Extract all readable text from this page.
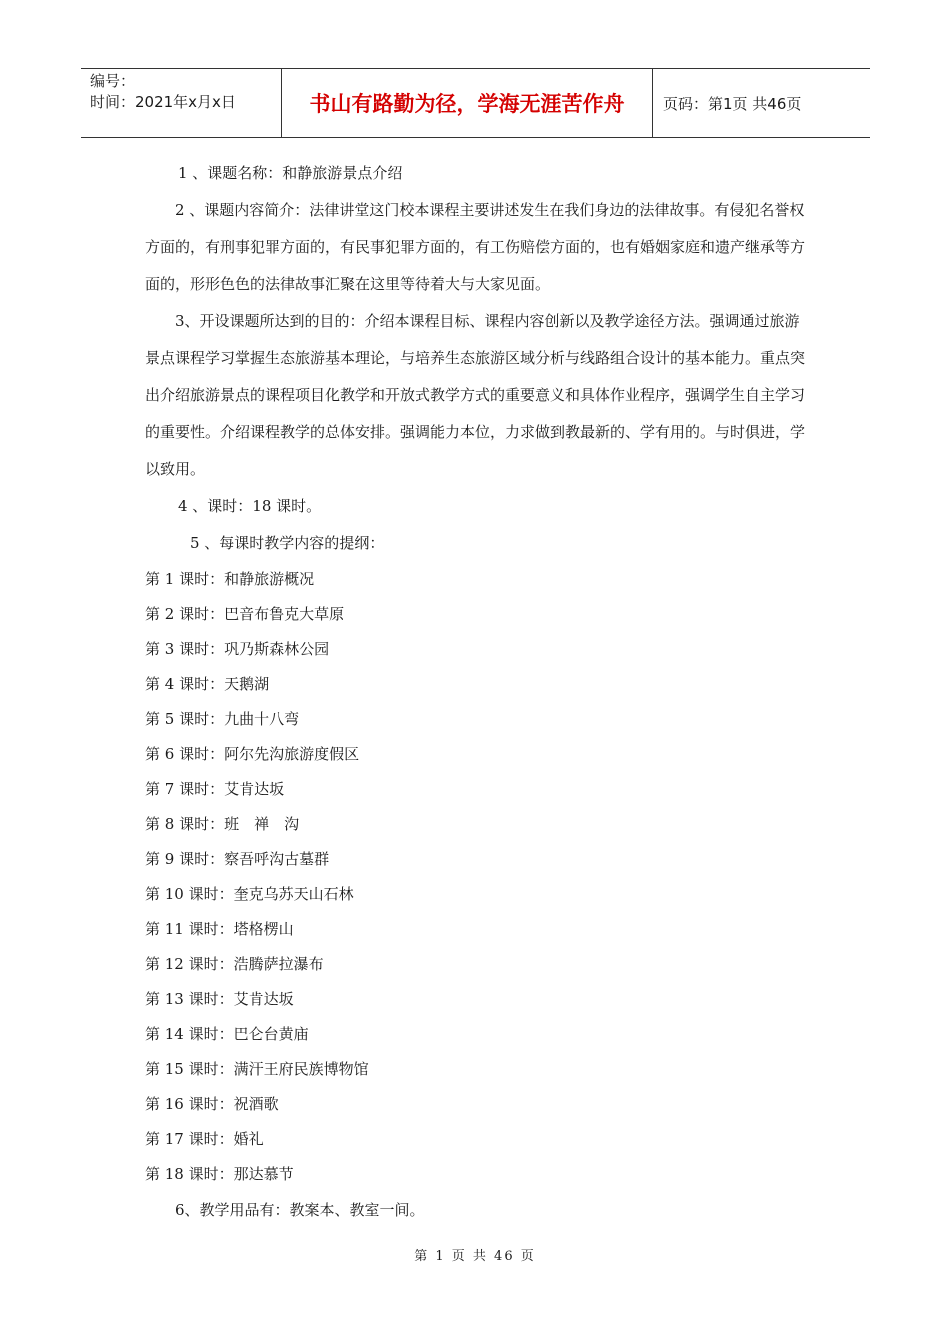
编号：
时间：2021年x月x日	书山有路勤为径，学海无涯苦作舟	页码：第1页 共46页

1 、课题名称：和静旅游景点介绍

2 、课题内容简介：法律讲堂这门校本课程主要讲述发生在我们身边的法律故事。有侵犯名誉权方面的，有刑事犯罪方面的，有民事犯罪方面的，有工伤赔偿方面的，也有婚姻家庭和遗产继承等方面的，形形色色的法律故事汇聚在这里等待着大与大家见面。

3、开设课题所达到的目的：介绍本课程目标、课程内容创新以及教学途径方法。强调通过旅游景点课程学习掌握生态旅游基本理论，与培养生态旅游区域分析与线路组合设计的基本能力。重点突出介绍旅游景点的课程项目化教学和开放式教学方式的重要意义和具体作业程序，强调学生自主学习的重要性。介绍课程教学的总体安排。强调能力本位，力求做到教最新的、学有用的。与时俱进，学以致用。

4 、课时：18 课时。

5 、每课时教学内容的提纲：

第 1 课时：和静旅游概况

第 2 课时：巴音布鲁克大草原

第 3 课时：巩乃斯森林公园

第 4 课时：天鹅湖

第 5 课时：九曲十八弯

第 6 课时：阿尔先沟旅游度假区

第 7 课时：艾肯达坂

第 8 课时：班　禅　沟

第 9 课时：察吾呼沟古墓群

第 10 课时：奎克乌苏天山石林

第 11 课时：塔格楞山

第 12 课时：浩腾萨拉瀑布

第 13 课时：艾肯达坂

第 14 课时：巴仑台黄庙

第 15 课时：满汗王府民族博物馆

第 16 课时：祝酒歌

第 17 课时：婚礼

第 18 课时：那达慕节

6、教学用品有：教案本、教室一间。

第 1 页 共 46 页
